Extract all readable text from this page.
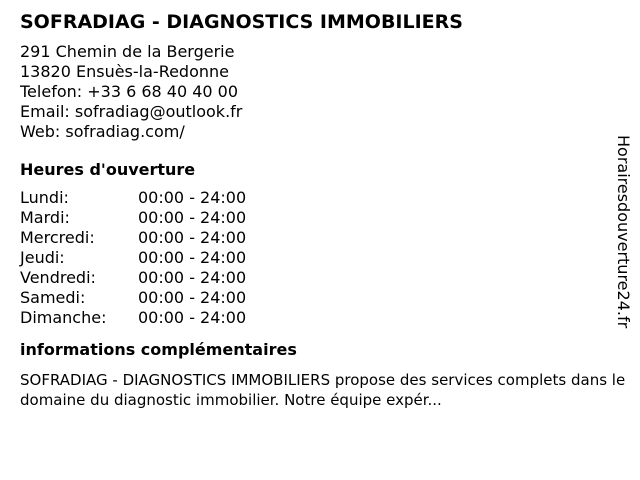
SOFRADIAG - DIAGNOSTICS IMMOBILIERS
291 Chemin de la Bergerie
13820 Ensuès-la-Redonne
Telefon: +33 6 68 40 40 00
Email: sofradiag@outlook.fr
Web: sofradiag.com/
Heures d'ouverture
Lundi:	00:00 - 24:00
Mardi:	00:00 - 24:00
Mercredi:	00:00 - 24:00
Jeudi:	00:00 - 24:00
Vendredi:	00:00 - 24:00
Samedi:	00:00 - 24:00
Dimanche:	00:00 - 24:00
informations complémentaires
SOFRADIAG - DIAGNOSTICS IMMOBILIERS propose des services complets dans le domaine du diagnostic immobilier. Notre équipe expér...
Horairesdouverture24.fr
